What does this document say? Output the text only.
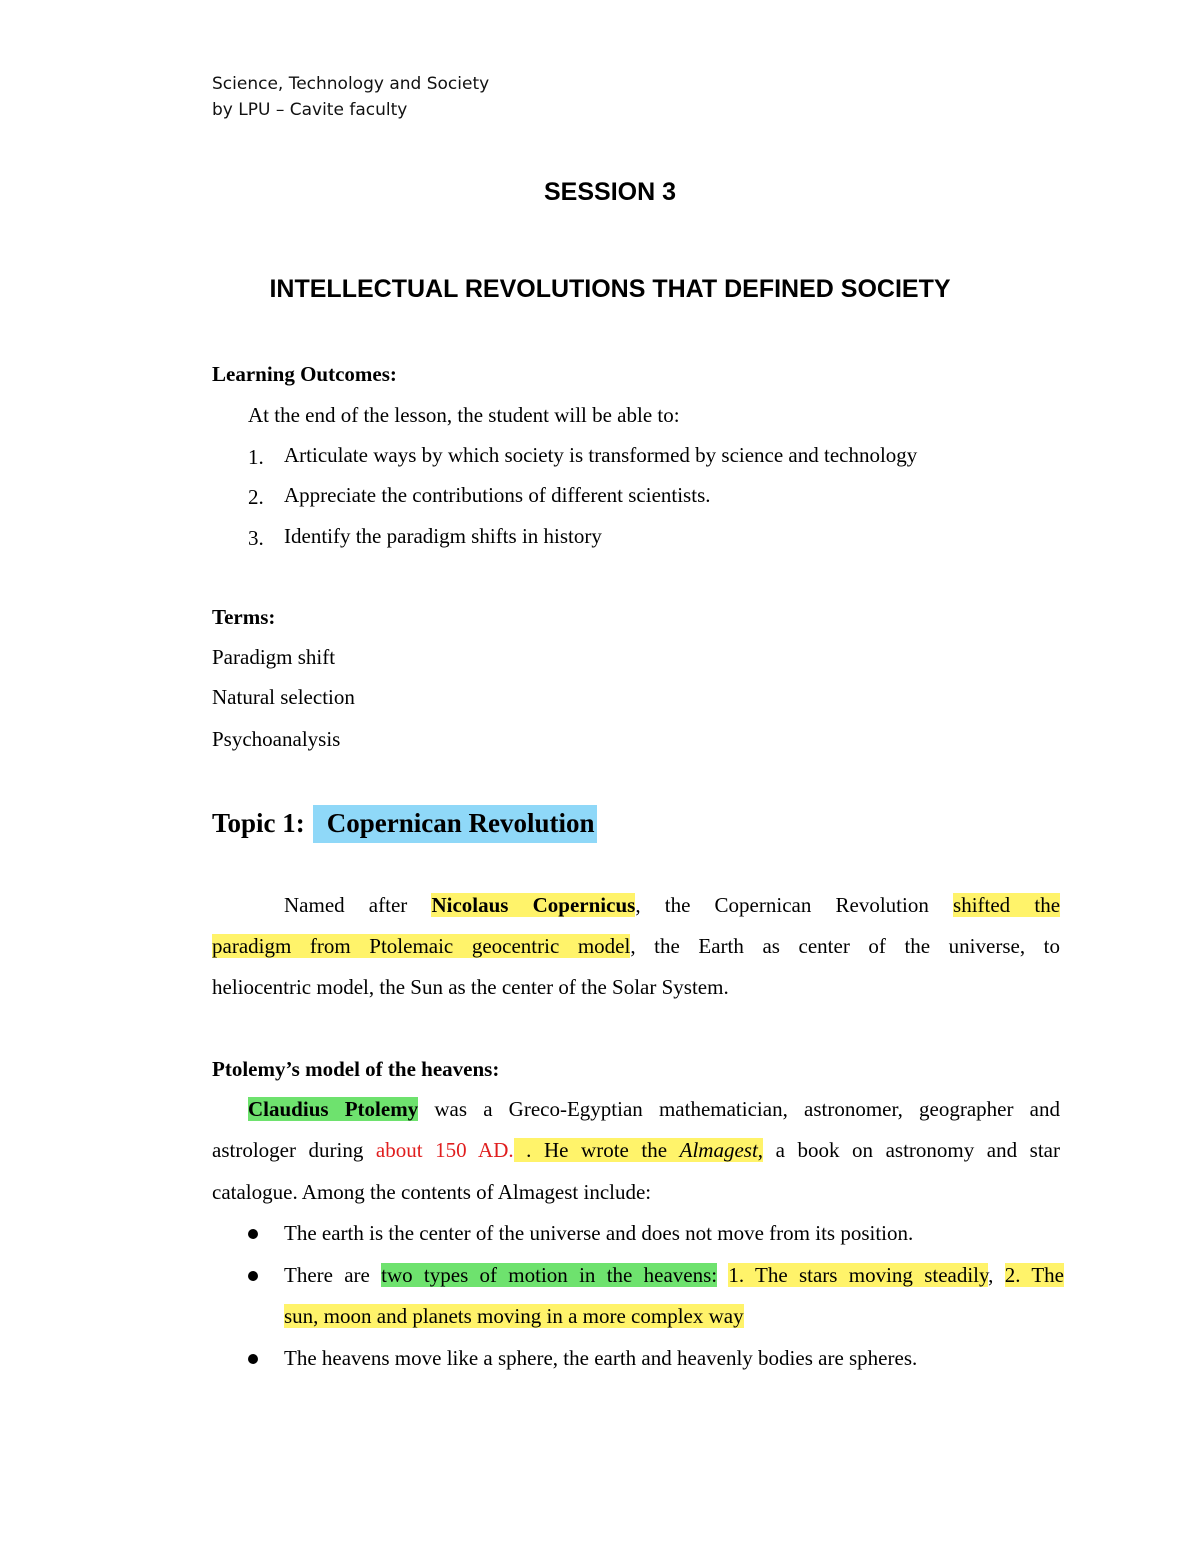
Science, Technology and Society
by LPU – Cavite faculty
SESSION 3
INTELLECTUAL REVOLUTIONS THAT DEFINED SOCIETY
Learning Outcomes:
At the end of the lesson, the student will be able to:
1. Articulate ways by which society is transformed by science and technology
2. Appreciate the contributions of different scientists.
3. Identify the paradigm shifts in history
Terms:
Paradigm shift
Natural selection
Psychoanalysis
Topic 1: Copernican Revolution
Named after Nicolaus Copernicus, the Copernican Revolution shifted the
paradigm from Ptolemaic geocentric model, the Earth as center of the universe, to
heliocentric model, the Sun as the center of the Solar System.
Ptolemy’s model of the heavens:
Claudius Ptolemy was a Greco-Egyptian mathematician, astronomer, geographer and
astrologer during about 150 AD. . He wrote the Almagest, a book on astronomy and star
catalogue. Among the contents of Almagest include:
The earth is the center of the universe and does not move from its position.
There are two types of motion in the heavens: 1. The stars moving steadily, 2. The
sun, moon and planets moving in a more complex way
The heavens move like a sphere, the earth and heavenly bodies are spheres.
